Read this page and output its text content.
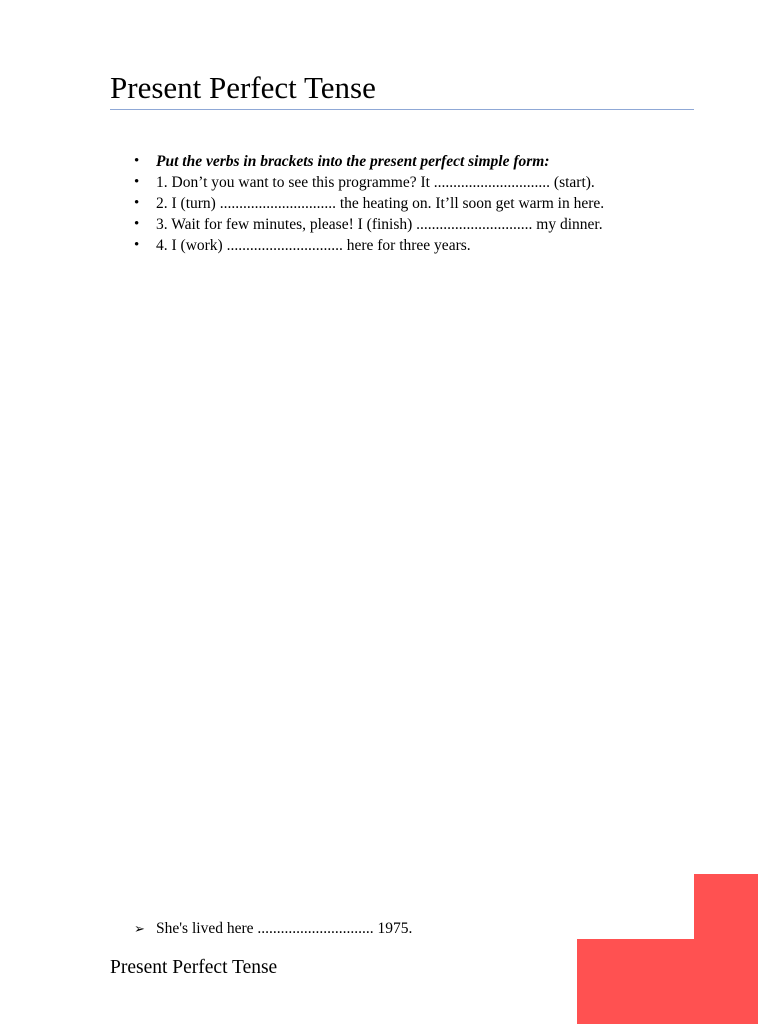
Present Perfect Tense
• Put the verbs in brackets into the present perfect simple form:
• 1. Don’t you want to see this programme? It .............................. (start).
• 2. I (turn) .............................. the heating on. It’ll soon get warm in here.
• 3. Wait for few minutes, please! I (finish) .............................. my dinner.
• 4. I (work) .............................. here for three years.
➢ She's lived here .............................. 1975.
Present Perfect Tense
